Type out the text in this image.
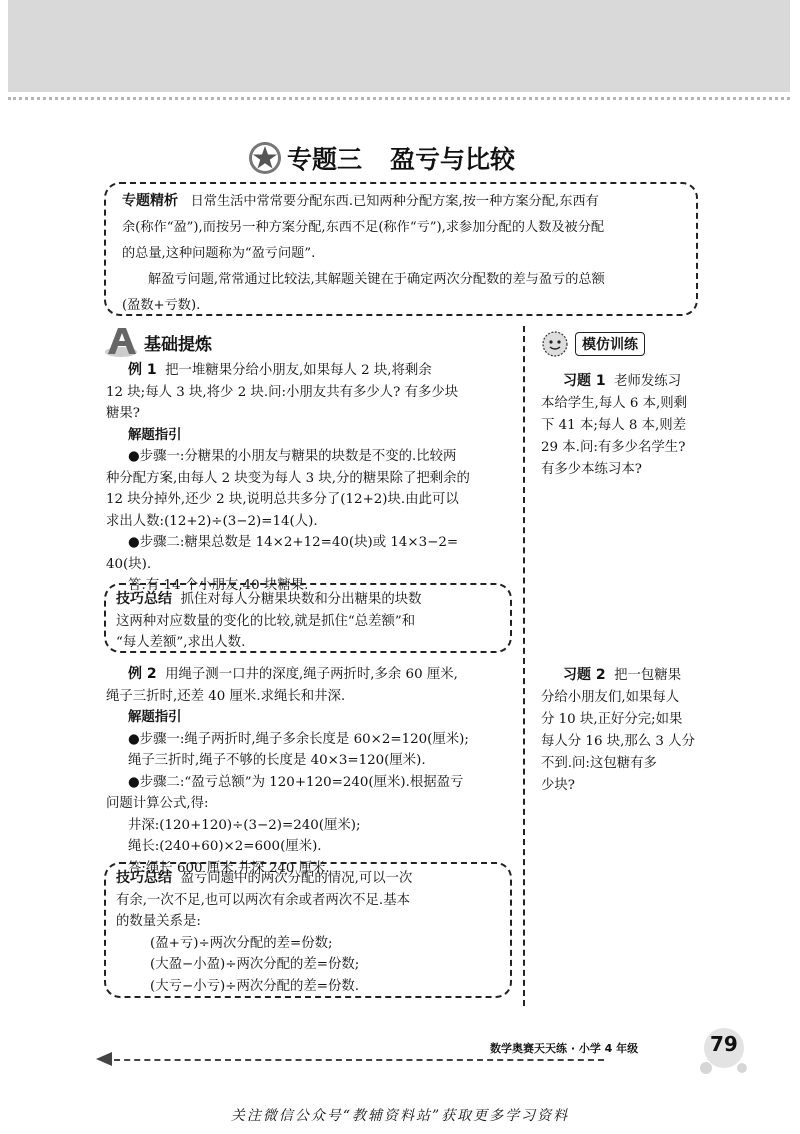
专题三 盈亏与比较

专题精析 日常生活中常常要分配东西.已知两种分配方案,按一种方案分配,东西有

余(称作“盈”),而按另一种方案分配,东西不足(称作“亏”),求参加分配的人数及被分配

的总量,这种问题称为“盈亏问题”.

解盈亏问题,常常通过比较法,其解题关键在于确定两次分配数的差与盈亏的总额

(盈数+亏数).

基础提炼

例 1 把一堆糖果分给小朋友,如果每人 2 块,将剩余

12 块;每人 3 块,将少 2 块.问:小朋友共有多少人? 有多少块

糖果?

解题指引

●步骤一:分糖果的小朋友与糖果的块数是不变的.比较两

种分配方案,由每人 2 块变为每人 3 块,分的糖果除了把剩余的

12 块分掉外,还少 2 块,说明总共多分了(12+2)块.由此可以

求出人数:(12+2)÷(3−2)=14(人).

●步骤二:糖果总数是 14×2+12=40(块)或 14×3−2=

40(块).

答:有 14 个小朋友,40 块糖果.

技巧总结 抓住对每人分糖果块数和分出糖果的块数

这两种对应数量的变化的比较,就是抓住“总差额”和

“每人差额”,求出人数.

例 2 用绳子测一口井的深度,绳子两折时,多余 60 厘米,

绳子三折时,还差 40 厘米.求绳长和井深.

解题指引

●步骤一:绳子两折时,绳子多余长度是 60×2=120(厘米);

绳子三折时,绳子不够的长度是 40×3=120(厘米).

●步骤二:“盈亏总额”为 120+120=240(厘米).根据盈亏

问题计算公式,得:

井深:(120+120)÷(3−2)=240(厘米);

绳长:(240+60)×2=600(厘米).

答:绳长 600 厘米,井深 240 厘米.

技巧总结 盈亏问题中的两次分配的情况,可以一次

有余,一次不足,也可以两次有余或者两次不足.基本

的数量关系是:

(盈+亏)÷两次分配的差=份数;

(大盈−小盈)÷两次分配的差=份数;

(大亏−小亏)÷两次分配的差=份数.

模仿训练

习题 1 老师发练习

本给学生,每人 6 本,则剩

下 41 本;每人 8 本,则差

29 本.问:有多少名学生?

有多少本练习本?

习题 2 把一包糖果

分给小朋友们,如果每人

分 10 块,正好分完;如果

每人分 16 块,那么 3 人分

不到.问:这包糖有多

少块?

数学奥赛天天练 · 小学 4 年级	79
关注微信公众号“教辅资料站”获取更多学习资料
